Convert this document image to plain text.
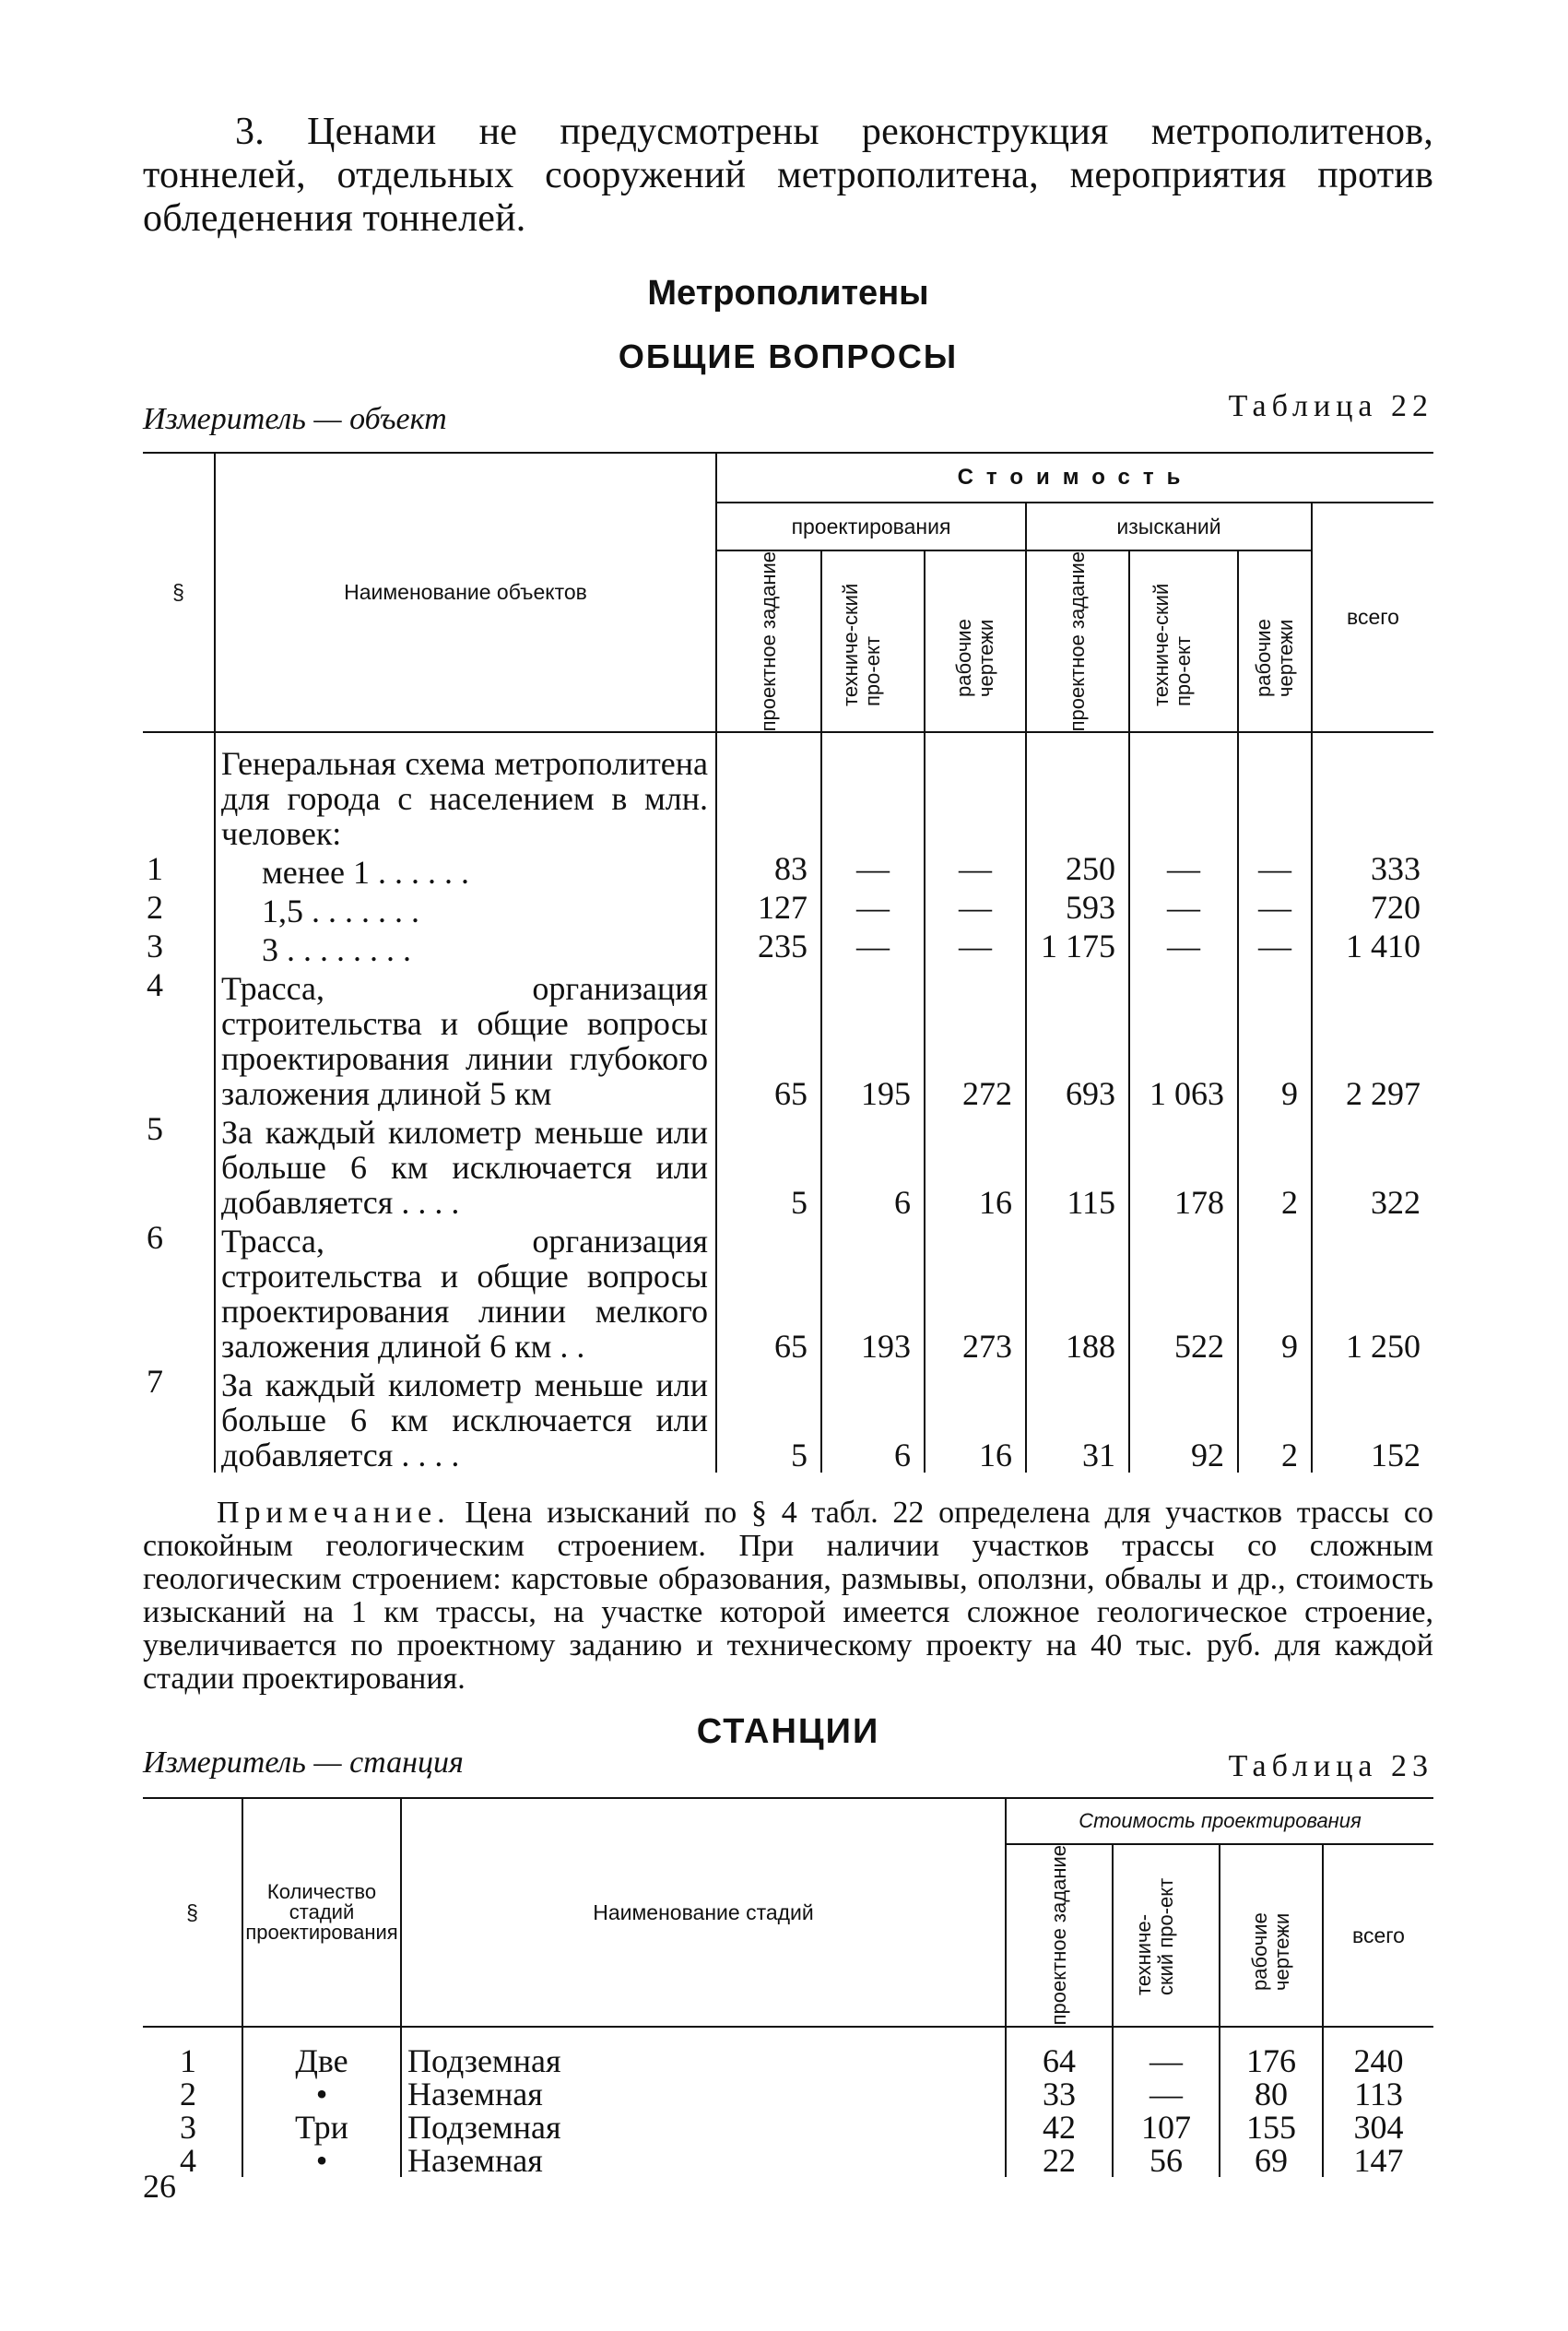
3. Ценами не предусмотрены реконструкция метрополитенов, тоннелей, отдельных сооружений метрополитена, мероприятия против обледенения тоннелей.

Метрополитены
ОБЩИЕ ВОПРОСЫ
Измеритель — объект	Таблица 22
§	Наименование объектов	Стоимость						
		проектирования			изысканий			всего

		проектное задание	техниче-ский про-ект	рабочие чертежи	проектное задание	техниче-ский про-ект	рабочие чертежи	

	Генеральная схема метрополитена для города с населением в млн. человек:							
1	менее 1 . . . . . .	83	—	—	250	—	—	333
2	1,5 . . . . . . .	127	—	—	593	—	—	720
3	3 . . . . . . . .	235	—	—	1 175	—	—	1 410
4	Трасса, организация строительства и общие вопросы проектирования линии глубокого заложения длиной 5 км	65	195	272	693	1 063	9	2 297
5	За каждый километр меньше или больше 6 км исключается или добавляется . . . .	5	6	16	115	178	2	322
6	Трасса, организация строительства и общие вопросы проектирования линии мелкого заложения длиной 6 км . .	65	193	273	188	522	9	1 250
7	За каждый километр меньше или больше 6 км исключается или добавляется . . . .	5	6	16	31	92	2	152

Примечание. Цена изысканий по § 4 табл. 22 определена для участков трассы со спокойным геологическим строением. При наличии участков трассы со сложным геологическим строением: карстовые образования, размывы, оползни, обвалы и др., стоимость изысканий на 1 км трассы, на участке которой имеется сложное геологическое строение, увеличивается по проектному заданию и техническому проекту на 40 тыс. руб. для каждой стадии проектирования.

Измеритель — станция
СТАНЦИИ
Таблица 23
§	Количество стадий проектирования	Наименование стадий	Стоимость проектирования			

			проектное задание	техниче-ский про-ект	рабочие чертежи	всего
1	Две	Подземная	64	—	176	240
2	•	Наземная	33	—	80	113
3	Три	Подземная	42	107	155	304
4	•	Наземная	22	56	69	147
26
